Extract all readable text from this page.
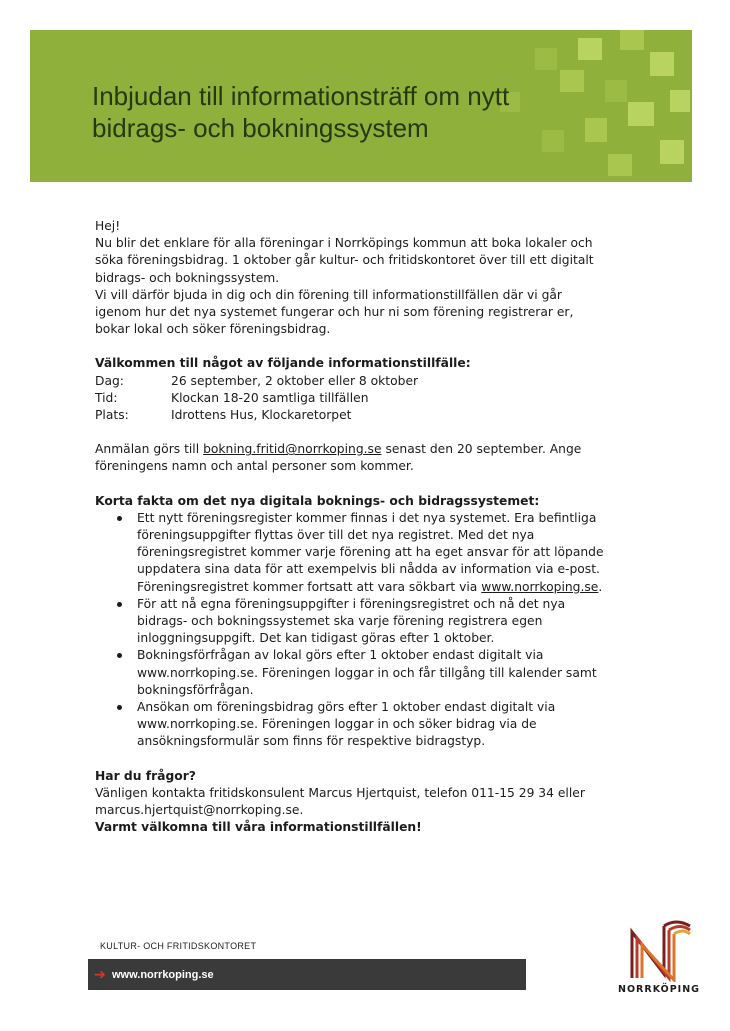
Inbjudan till informationsträff om nytt
bidrags- och bokningssystem

Hej!

Nu blir det enklare för alla föreningar i Norrköpings kommun att boka lokaler och söka föreningsbidrag. 1 oktober går kultur- och fritidskontoret över till ett digitalt bidrags- och bokningssystem.

Vi vill därför bjuda in dig och din förening till informationstillfällen där vi går igenom hur det nya systemet fungerar och hur ni som förening registrerar er, bokar lokal och söker föreningsbidrag.

Välkommen till något av följande informationstillfälle:

Dag:	26 september, 2 oktober eller 8 oktober
Tid:	Klockan 18-20 samtliga tillfällen
Plats:	Idrottens Hus, Klockaretorpet

Anmälan görs till bokning.fritid@norrkoping.se senast den 20 september. Ange föreningens namn och antal personer som kommer.

Korta fakta om det nya digitala boknings- och bidragssystemet:

Ett nytt föreningsregister kommer finnas i det nya systemet. Era befintliga föreningsuppgifter flyttas över till det nya registret. Med det nya föreningsregistret kommer varje förening att ha eget ansvar för att löpande uppdatera sina data för att exempelvis bli nådda av information via e-post. Föreningsregistret kommer fortsatt att vara sökbart via www.norrkoping.se.
För att nå egna föreningsuppgifter i föreningsregistret och nå det nya bidrags- och bokningssystemet ska varje förening registrera egen inloggningsuppgift. Det kan tidigast göras efter 1 oktober.
Bokningsförfrågan av lokal görs efter 1 oktober endast digitalt via www.norrkoping.se. Föreningen loggar in och får tillgång till kalender samt bokningsförfrågan.
Ansökan om föreningsbidrag görs efter 1 oktober endast digitalt via www.norrkoping.se. Föreningen loggar in och söker bidrag via de ansökningsformulär som finns för respektive bidragstyp.

Har du frågor?

Vänligen kontakta fritidskonsulent Marcus Hjertquist, telefon 011-15 29 34 eller marcus.hjertquist@norrkoping.se.

Varmt välkomna till våra informationstillfällen!

KULTUR- OCH FRITIDSKONTORET
➔ www.norrkoping.se
NORRKÖPING
